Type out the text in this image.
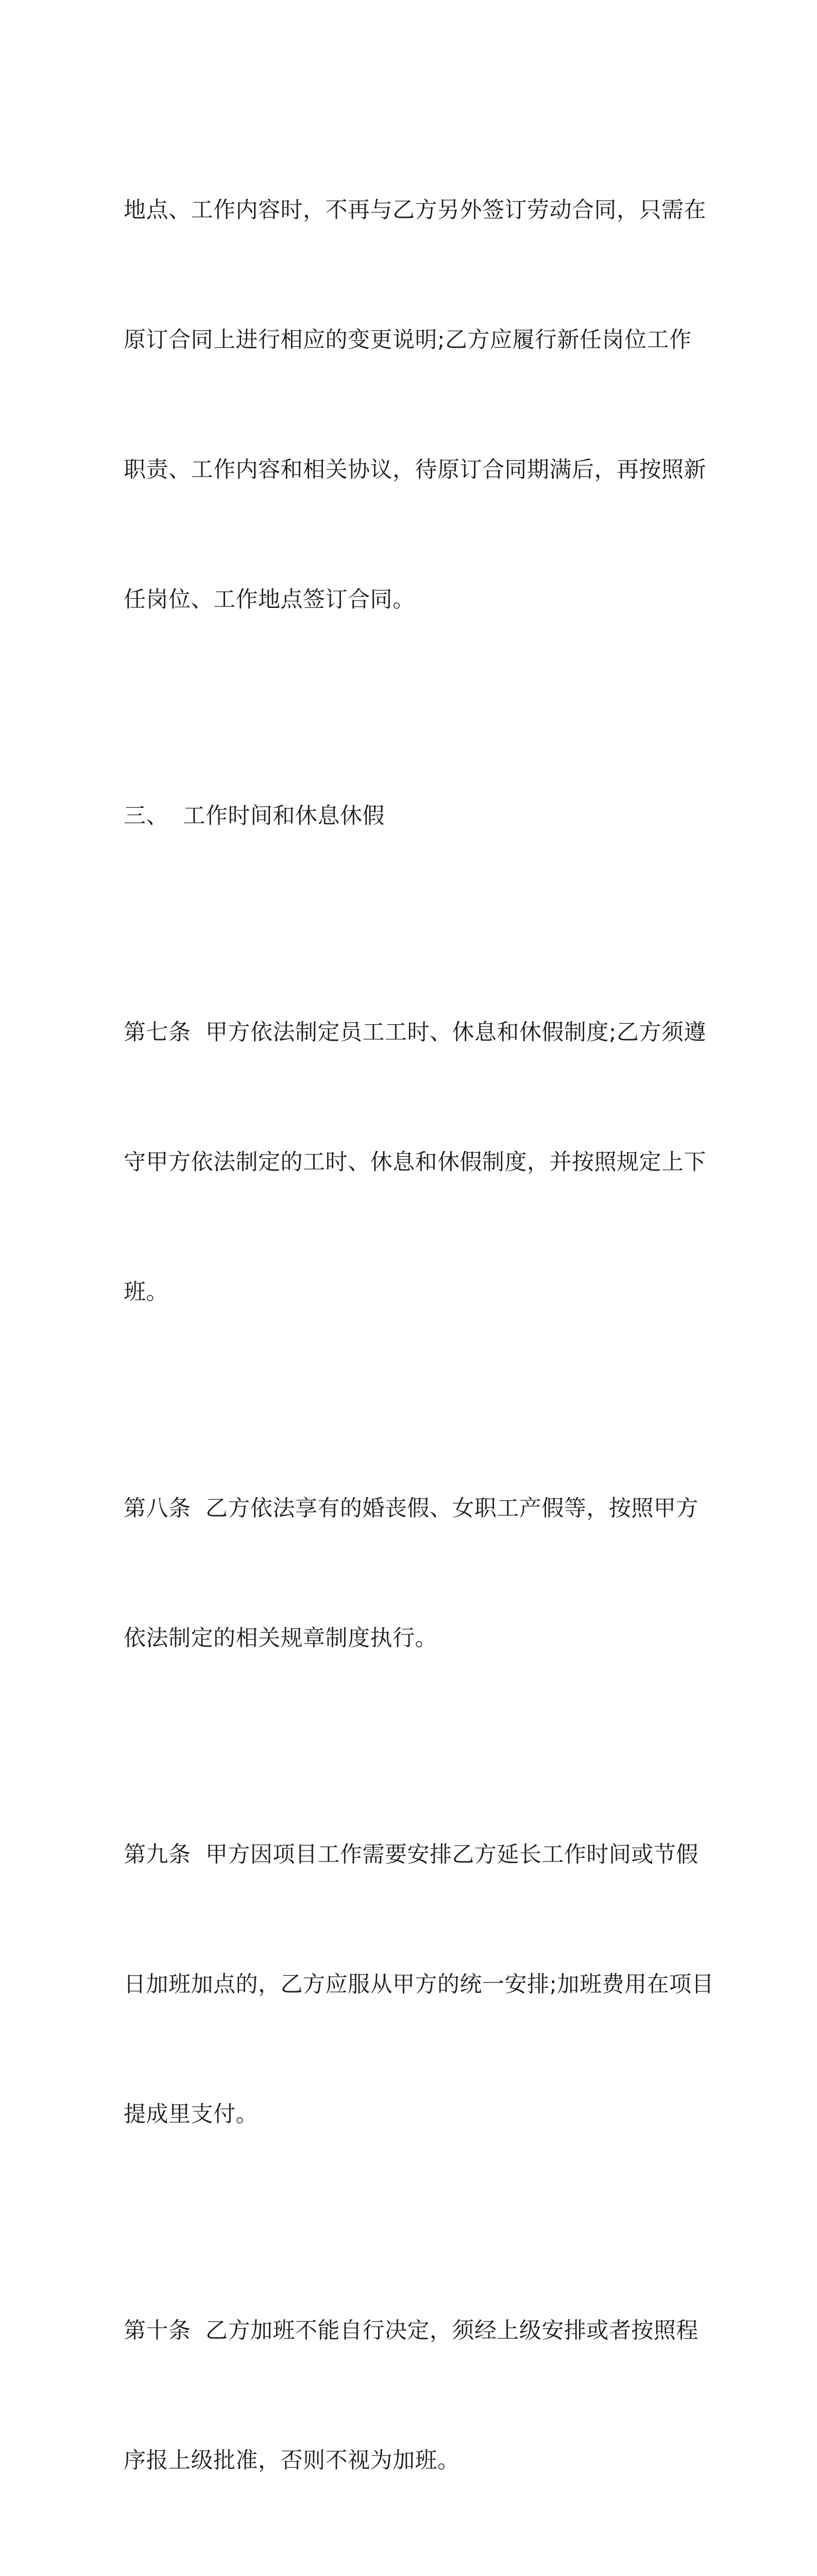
地点、工作内容时，不再与乙方另外签订劳动合同，只需在

原订合同上进行相应的变更说明;乙方应履行新任岗位工作

职责、工作内容和相关协议，待原订合同期满后，再按照新

任岗位、工作地点签订合同。

三、  工作时间和休息休假

第七条  甲方依法制定员工工时、休息和休假制度;乙方须遵

守甲方依法制定的工时、休息和休假制度，并按照规定上下

班。

第八条  乙方依法享有的婚丧假、女职工产假等，按照甲方

依法制定的相关规章制度执行。

第九条  甲方因项目工作需要安排乙方延长工作时间或节假

日加班加点的，乙方应服从甲方的统一安排;加班费用在项目

提成里支付。

第十条  乙方加班不能自行决定，须经上级安排或者按照程

序报上级批准，否则不视为加班。
